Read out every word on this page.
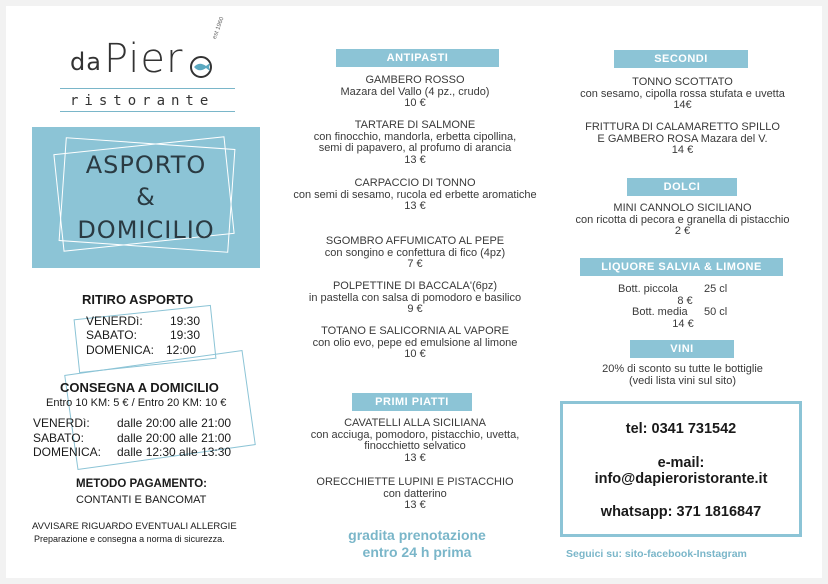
da Pier
est 1960
ristorante
ASPORTO
&
DOMICILIO
RITIRO ASPORTO
VENERDì: 19:30
SABATO:	19:30
DOMENICA: 12:00
CONSEGNA A DOMICILIO
Entro 10 KM: 5 € / Entro 20 KM: 10 €
VENERDì: dalle 20:00 alle 21:00
SABATO:	dalle 20:00 alle 21:00
DOMENICA: dalle 12:30 alle 13:30
METODO PAGAMENTO:
CONTANTI E BANCOMAT
AVVISARE RIGUARDO EVENTUALI ALLERGIE
Preparazione e consegna a norma di sicurezza.
ANTIPASTI
GAMBERO ROSSO
Mazara del Vallo (4 pz., crudo)
10 €
TARTARE DI SALMONE
con finocchio, mandorla, erbetta cipollina,
semi di papavero, al profumo di arancia
13 €
CARPACCIO DI TONNO
con semi di sesamo, rucola ed erbette aromatiche
13 €
SGOMBRO AFFUMICATO AL PEPE
con songino e confettura di fico (4pz)
7 €
POLPETTINE DI BACCALA'(6pz)
in pastella con salsa di pomodoro e basilico
9 €
TOTANO E SALICORNIA AL VAPORE
con olio evo, pepe ed emulsione al limone
10 €
PRIMI PIATTI
CAVATELLI ALLA SICILIANA
con acciuga, pomodoro, pistacchio, uvetta,
finocchietto selvatico
13 €
ORECCHIETTE LUPINI E PISTACCHIO
con datterino
13 €
gradita prenotazione
entro 24 h prima
SECONDI
TONNO SCOTTATO
con sesamo, cipolla rossa stufata e uvetta
14€
FRITTURA DI CALAMARETTO SPILLO
E GAMBERO ROSA Mazara del V.
14 €
DOLCI
MINI CANNOLO SICILIANO
con ricotta di pecora e granella di pistacchio
2 €
LIQUORE SALVIA & LIMONE
Bott. piccola	25 cl
8 €
Bott. media	50 cl
14 €
VINI
20% di sconto su tutte le bottiglie
(vedi lista vini sul sito)
tel: 0341 731542
e-mail:
info@dapieroristorante.it
whatsapp: 371 1816847
Seguici su: sito-facebook-Instagram
